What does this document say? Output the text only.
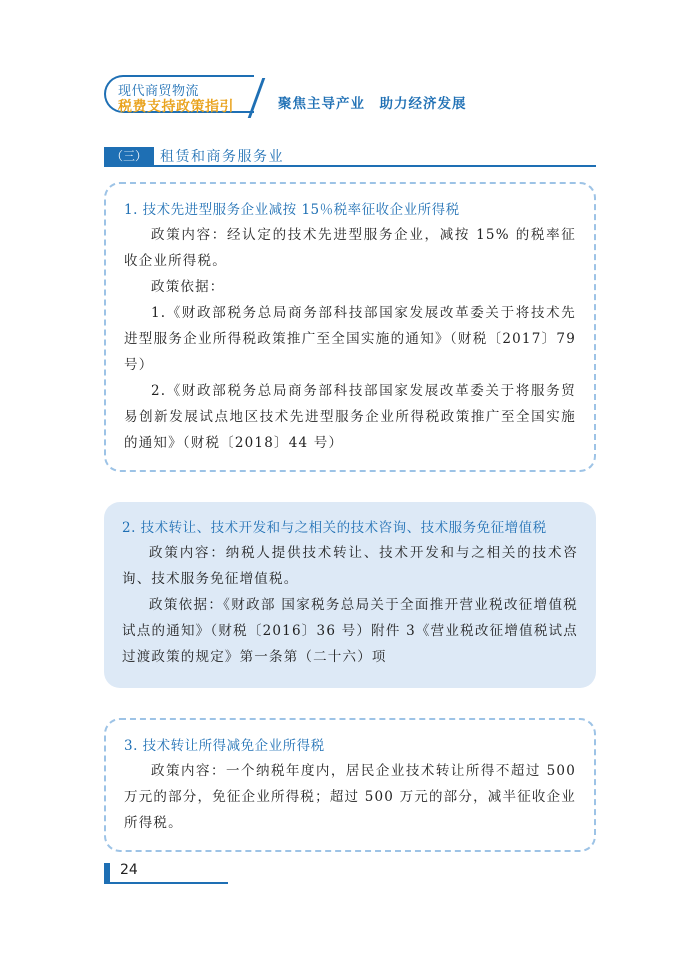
现代商贸物流
税费支持政策指引	聚焦主导产业　助力经济发展
（三） 租赁和商务服务业
1. 技术先进型服务企业减按 15％税率征收企业所得税

政策内容：经认定的技术先进型服务企业，减按 15% 的税率征收企业所得税。

政策依据：

1.《财政部税务总局商务部科技部国家发展改革委关于将技术先进型服务企业所得税政策推广至全国实施的通知》（财税〔2017〕79 号）

2.《财政部税务总局商务部科技部国家发展改革委关于将服务贸易创新发展试点地区技术先进型服务企业所得税政策推广至全国实施的通知》（财税〔2018〕44 号）

2. 技术转让、技术开发和与之相关的技术咨询、技术服务免征增值税

政策内容：纳税人提供技术转让、技术开发和与之相关的技术咨询、技术服务免征增值税。

政策依据：《财政部 国家税务总局关于全面推开营业税改征增值税试点的通知》（财税〔2016〕36 号）附件 3《营业税改征增值税试点过渡政策的规定》第一条第（二十六）项

3. 技术转让所得减免企业所得税

政策内容：一个纳税年度内，居民企业技术转让所得不超过 500 万元的部分，免征企业所得税；超过 500 万元的部分，减半征收企业所得税。

24
